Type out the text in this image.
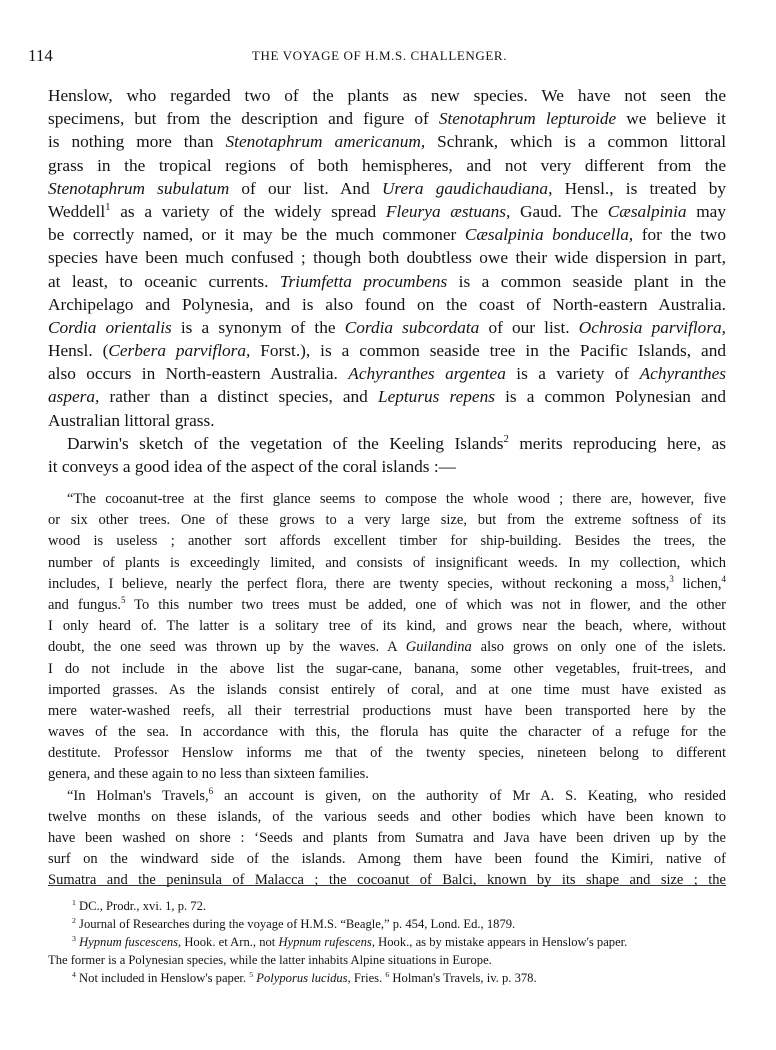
114	THE VOYAGE OF H.M.S. CHALLENGER.
Henslow, who regarded two of the plants as new species. We have not seen the
specimens, but from the description and figure of Stenotaphrum lepturoide we believe it
is nothing more than Stenotaphrum americanum, Schrank, which is a common littoral
grass in the tropical regions of both hemispheres, and not very different from the
Stenotaphrum subulatum of our list. And Urera gaudichaudiana, Hensl., is treated by
Weddell$^1$ as a variety of the widely spread Fleurya æstuans, Gaud. The Cæsalpinia may
be correctly named, or it may be the much commoner Cæsalpinia bonducella, for the two
species have been much confused ; though both doubtless owe their wide dispersion in part,
at least, to oceanic currents. Triumfetta procumbens is a common seaside plant in the
Archipelago and Polynesia, and is also found on the coast of North-eastern Australia.
Cordia orientalis is a synonym of the Cordia subcordata of our list. Ochrosia parviflora,
Hensl. (Cerbera parviflora, Forst.), is a common seaside tree in the Pacific Islands, and
also occurs in North-eastern Australia. Achyranthes argentea is a variety of Achyranthes
aspera, rather than a distinct species, and Lepturus repens is a common Polynesian and
Australian littoral grass.
Darwin's sketch of the vegetation of the Keeling Islands$^2$ merits reproducing here, as
it conveys a good idea of the aspect of the coral islands :—
“The cocoanut-tree at the first glance seems to compose the whole wood ; there are, however, five
or six other trees. One of these grows to a very large size, but from the extreme softness of its
wood is useless ; another sort affords excellent timber for ship-building. Besides the trees, the
number of plants is exceedingly limited, and consists of insignificant weeds. In my collection, which
includes, I believe, nearly the perfect flora, there are twenty species, without reckoning a moss,$^3$ lichen,$^4$
and fungus.$^5$ To this number two trees must be added, one of which was not in flower, and the other
I only heard of. The latter is a solitary tree of its kind, and grows near the beach, where, without
doubt, the one seed was thrown up by the waves. A Guilandina also grows on only one of the islets.
I do not include in the above list the sugar-cane, banana, some other vegetables, fruit-trees, and
imported grasses. As the islands consist entirely of coral, and at one time must have existed as
mere water-washed reefs, all their terrestrial productions must have been transported here by the
waves of the sea. In accordance with this, the florula has quite the character of a refuge for the
destitute. Professor Henslow informs me that of the twenty species, nineteen belong to different
genera, and these again to no less than sixteen families.
“In Holman's Travels,$^6$ an account is given, on the authority of Mr A. S. Keating, who resided
twelve months on these islands, of the various seeds and other bodies which have been known to
have been washed on shore : ‘Seeds and plants from Sumatra and Java have been driven up by the
surf on the windward side of the islands. Among them have been found the Kimiri, native of
Sumatra and the peninsula of Malacca ; the cocoanut of Balci, known by its shape and size ; the
$^1$ DC., Prodr., xvi. 1, p. 72.
$^2$ Journal of Researches during the voyage of H.M.S. “Beagle,” p. 454, Lond. Ed., 1879.
$^3$ Hypnum fuscescens, Hook. et Arn., not Hypnum rufescens, Hook., as by mistake appears in Henslow's paper.
The former is a Polynesian species, while the latter inhabits Alpine situations in Europe.
$^4$ Not included in Henslow's paper. $^5$ Polyporus lucidus, Fries. $^6$ Holman's Travels, iv. p. 378.
